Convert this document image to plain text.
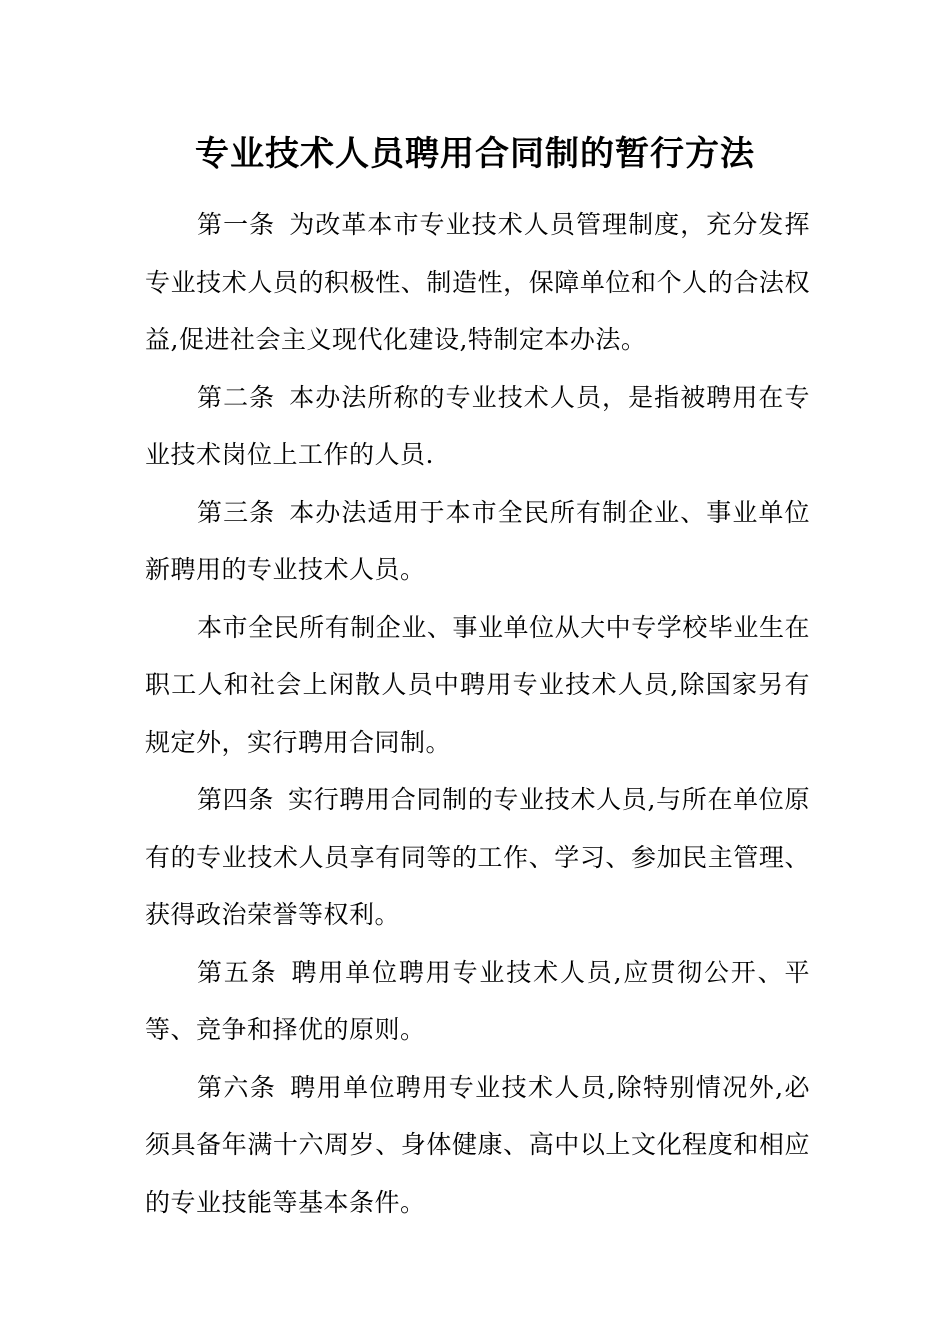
专业技术人员聘用合同制的暂行方法

第一条 为改革本市专业技术人员管理制度，充分发挥专业技术人员的积极性、制造性，保障单位和个人的合法权益,促进社会主义现代化建设,特制定本办法。

第二条 本办法所称的专业技术人员，是指被聘用在专业技术岗位上工作的人员.

第三条 本办法适用于本市全民所有制企业、事业单位新聘用的专业技术人员。

本市全民所有制企业、事业单位从大中专学校毕业生在职工人和社会上闲散人员中聘用专业技术人员,除国家另有规定外，实行聘用合同制。

第四条 实行聘用合同制的专业技术人员,与所在单位原有的专业技术人员享有同等的工作、学习、参加民主管理、获得政治荣誉等权利。

第五条 聘用单位聘用专业技术人员,应贯彻公开、平等、竞争和择优的原则。

第六条 聘用单位聘用专业技术人员,除特别情况外,必须具备年满十六周岁、身体健康、高中以上文化程度和相应的专业技能等基本条件。
